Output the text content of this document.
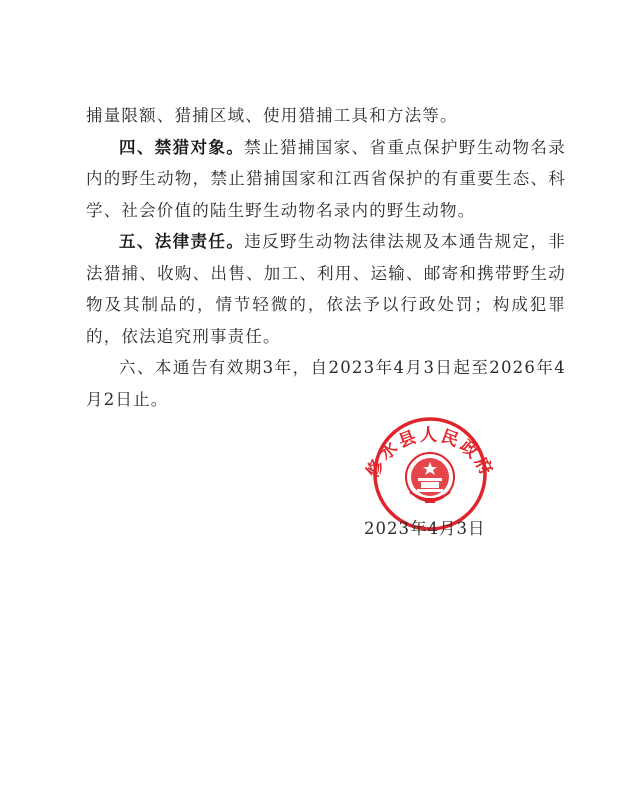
捕量限额、猎捕区域、使用猎捕工具和方法等。

四、禁猎对象。禁止猎捕国家、省重点保护野生动物名录内的野生动物，禁止猎捕国家和江西省保护的有重要生态、科学、社会价值的陆生野生动物名录内的野生动物。

五、法律责任。违反野生动物法律法规及本通告规定，非法猎捕、收购、出售、加工、利用、运输、邮寄和携带野生动物及其制品的，情节轻微的，依法予以行政处罚；构成犯罪的，依法追究刑事责任。

六、本通告有效期3年，自2023年4月3日起至2026年4月2日止。

修水县人民政府
2023年4月3日
